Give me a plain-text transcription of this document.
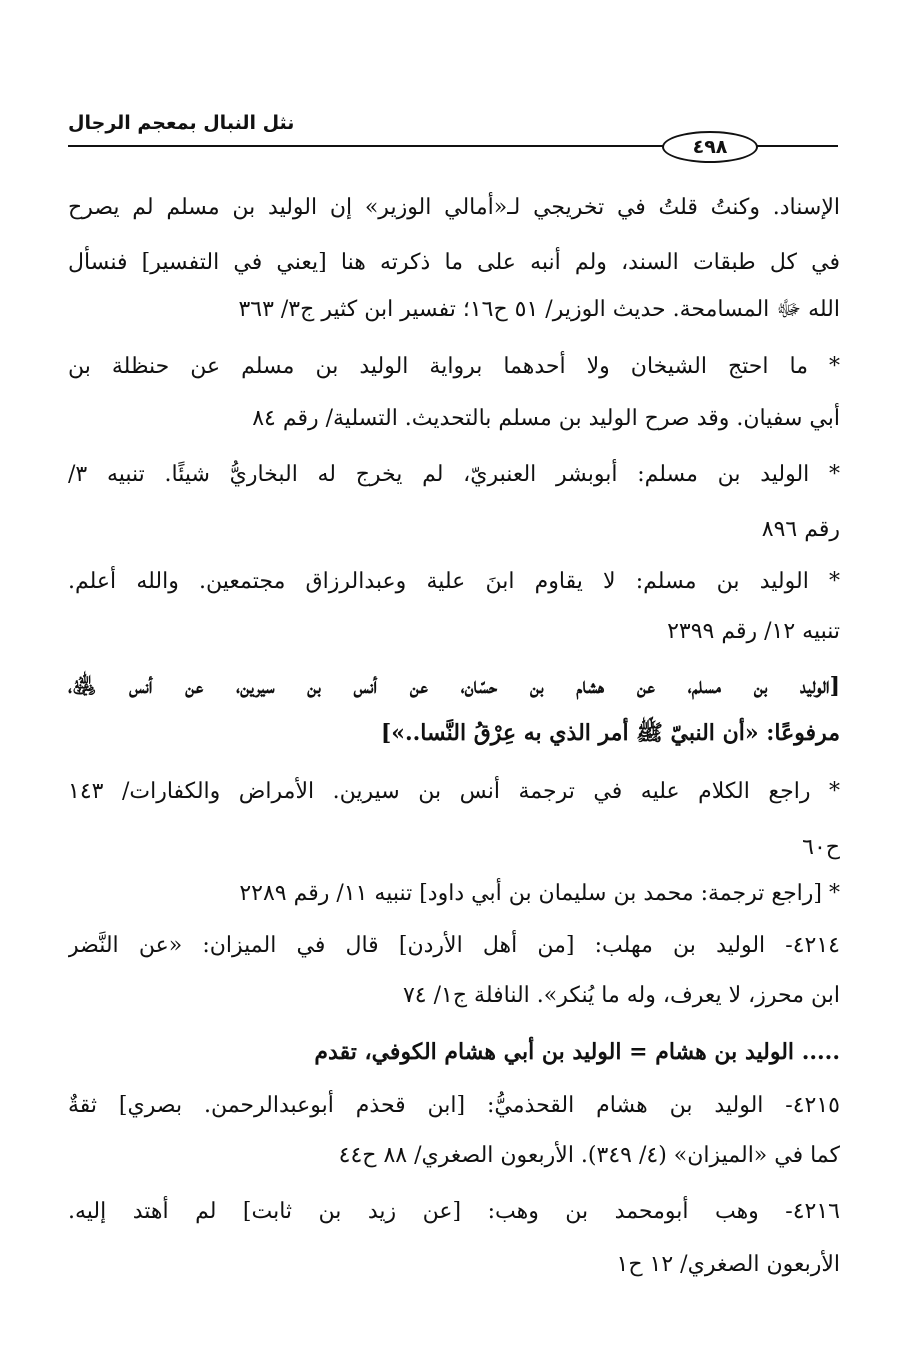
نثل النبال بمعجم الرجال
٤٩٨
الإسناد. وكنتُ قلتُ في تخريجي لـ«أمالي الوزير» إن الوليد بن مسلم لم يصرح
في كل طبقات السند، ولم أنبه على ما ذكرته هنا [يعني في التفسير] فنسأل
الله ﷻ المسامحة. حديث الوزير/ ٥١ ح١٦؛ تفسير ابن كثير ج٣/ ٣٦٣
* ما احتج الشيخان ولا أحدهما برواية الوليد بن مسلم عن حنظلة بن
أبي سفيان. وقد صرح الوليد بن مسلم بالتحديث. التسلية/ رقم ٨٤
* الوليد بن مسلم: أبوبشر العنبريّ، لم يخرج له البخاريُّ شيئًا. تنبيه ٣/
رقم ٨٩٦
* الوليد بن مسلم: لا يقاوم ابنَ علية وعبدالرزاق مجتمعين. والله أعلم.
تنبيه ١٢/ رقم ٢٣٩٩
[الوليد بن مسلم، عن هشام بن حسّان، عن أنس بن سيرين، عن أنس ﵁،
مرفوعًا: «أن النبيّ ﷺ أمر الذي به عِرْقُ النَّسا..»]
* راجع الكلام عليه في ترجمة أنس بن سيرين. الأمراض والكفارات/ ١٤٣
ح٦٠
* [راجع ترجمة: محمد بن سليمان بن أبي داود] تنبيه ١١/ رقم ٢٢٨٩
٤٢١٤- الوليد بن مهلب: [من أهل الأردن] قال في الميزان: «عن النَّضر
ابن محرز، لا يعرف، وله ما يُنكر». النافلة ج١/ ٧٤
..... الوليد بن هشام = الوليد بن أبي هشام الكوفي، تقدم
٤٢١٥- الوليد بن هشام القحذميُّ: [ابن قحذم أبوعبدالرحمن. بصري] ثقةٌ
كما في «الميزان» (٤/ ٣٤٩). الأربعون الصغري/ ٨٨ ح٤٤
٤٢١٦- وهب أبومحمد بن وهب: [عن زيد بن ثابت] لم أهتد إليه.
الأربعون الصغري/ ١٢ ح١
